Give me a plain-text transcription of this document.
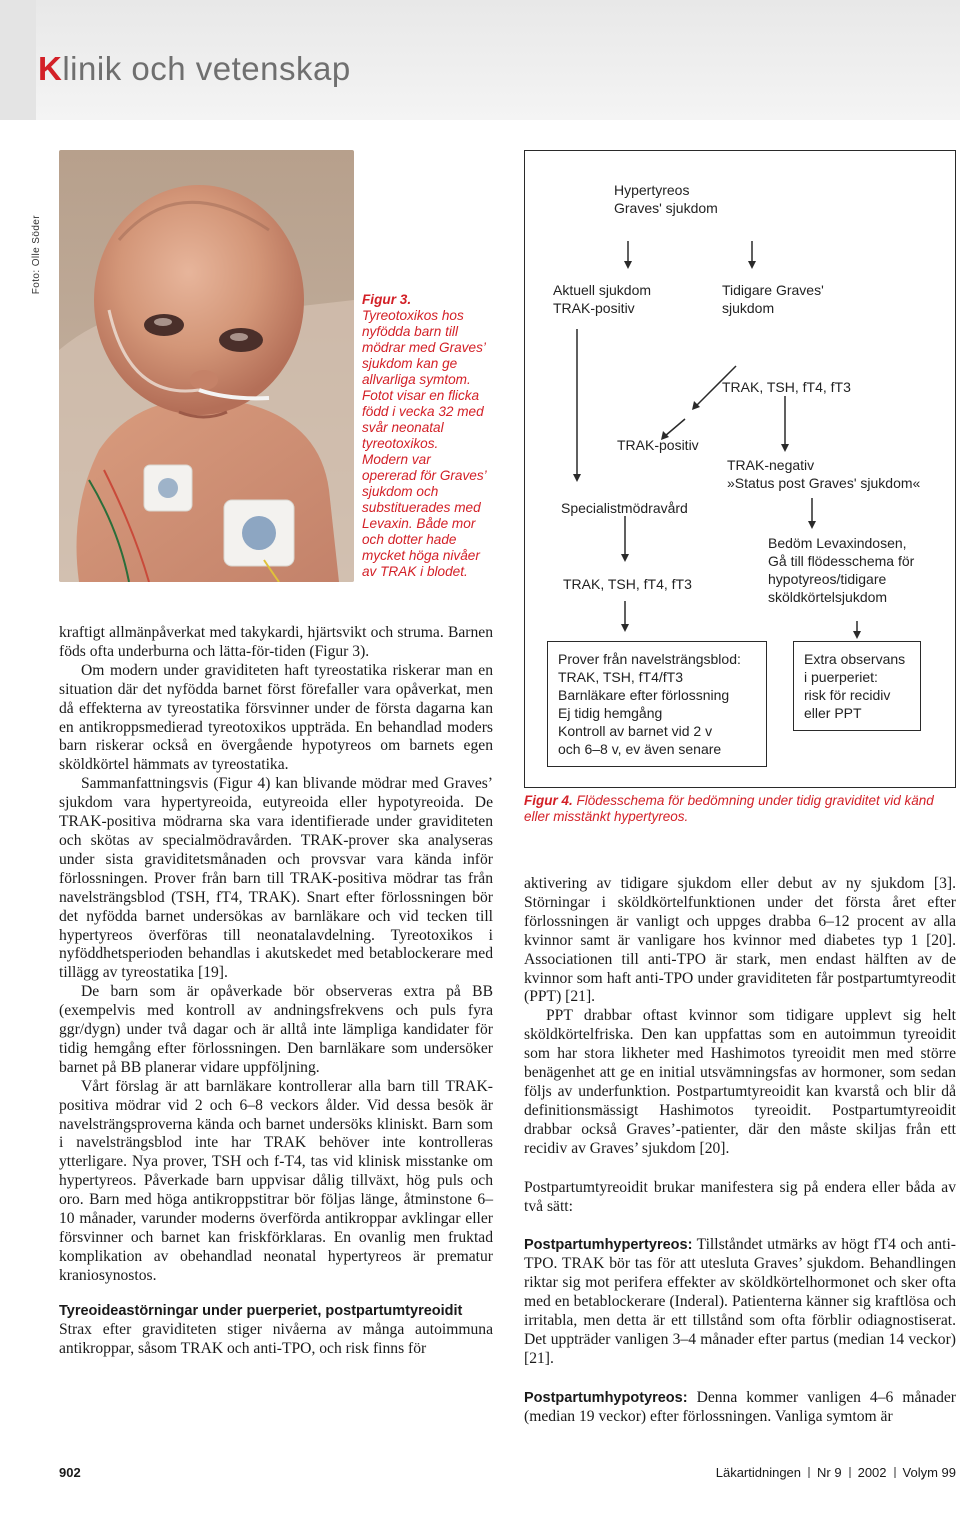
Klinik och vetenskap
Foto: Olle Söder
Figur 3. Tyreotoxikos hos nyfödda barn till mödrar med Graves’ sjukdom kan ge allvarliga symtom. Fotot visar en flicka född i vecka 32 med svår neonatal tyreotoxikos. Modern var opererad för Graves’ sjukdom och substituerades med Levaxin. Både mor och dotter hade mycket höga nivåer av TRAK i blodet.
Hypertyreos
Graves' sjukdom
Aktuell sjukdom
TRAK-positiv
Tidigare Graves'
sjukdom
TRAK, TSH, fT4, fT3
TRAK-positiv
TRAK-negativ
»Status post Graves' sjukdom«
Specialistmödravård
Bedöm Levaxindosen,
Gå till flödesschema för
hypotyreos/tidigare
sköldkörtelsjukdom
TRAK, TSH, fT4, fT3
Prover från navelsträngsblod:
TRAK, TSH, fT4/fT3
Barnläkare efter förlossning
Ej tidig hemgång
Kontroll av barnet vid 2 v
och 6–8 v, ev även senare
Extra observans
i puerperiet:
risk för recidiv
eller PPT
Figur 4. Flödesschema för bedömning under tidig graviditet vid känd eller misstänkt hypertyreos.

kraftigt allmänpåverkat med takykardi, hjärtsvikt och struma. Barnen föds ofta underburna och lätta-för-tiden (Figur 3).

Om modern under graviditeten haft tyreostatika riskerar man en situation där det nyfödda barnet först förefaller vara opåverkat, men då effekterna av tyreostatika försvinner under de första dagarna kan en antikroppsmedierad tyreotoxikos uppträda. En behandlad moders barn riskerar också en övergående hypotyreos om barnets egen sköldkörtel hämmats av tyreostatika.

Sammanfattningsvis (Figur 4) kan blivande mödrar med Graves’ sjukdom vara hypertyreoida, eutyreoida eller hypotyreoida. De TRAK-positiva mödrarna ska vara identifierade under graviditeten och skötas av specialmödravården. TRAK-prover ska analyseras under sista graviditetsmånaden och provsvar vara kända inför förlossningen. Prover från barn till TRAK-positiva mödrar tas från navelsträngsblod (TSH, fT4, TRAK). Snart efter förlossningen bör det nyfödda barnet undersökas av barnläkare och vid tecken till hypertyreos överföras till neonatalavdelning. Tyreotoxikos i nyföddhetsperioden behandlas i akutskedet med betablockerare med tillägg av tyreostatika [19].

De barn som är opåverkade bör observeras extra på BB (exempelvis med kontroll av andningsfrekvens och puls fyra ggr/dygn) under två dagar och är alltå inte lämpliga kandidater för tidig hemgång efter förlossningen. Den barnläkare som undersöker barnet på BB planerar vidare uppföljning.

Vårt förslag är att barnläkare kontrollerar alla barn till TRAK-positiva mödrar vid 2 och 6–8 veckors ålder. Vid dessa besök är navelsträngsproverna kända och barnet undersöks kliniskt. Barn som i navelsträngsblod inte har TRAK behöver inte kontrolleras ytterligare. Nya prover, TSH och f-T4, tas vid klinisk misstanke om hypertyreos. Påverkade barn uppvisar dålig tillväxt, hög puls och oro. Barn med höga antikroppstitrar bör följas länge, åtminstone 6–10 månader, varunder moderns överförda antikroppar avklingar eller försvinner och barnet kan friskförklaras. En ovanlig men fruktad komplikation av obehandlad neonatal hypertyreos är prematur kraniosynostos.

Tyreoideastörningar under puerperiet, postpartumtyreoidit

Strax efter graviditeten stiger nivåerna av många autoimmuna antikroppar, såsom TRAK och anti-TPO, och risk finns för

aktivering av tidigare sjukdom eller debut av ny sjukdom [3]. Störningar i sköldkörtelfunktionen under det första året efter förlossningen är vanligt och uppges drabba 6–12 procent av alla kvinnor samt är vanligare hos kvinnor med diabetes typ 1 [20]. Associationen till anti-TPO är stark, men endast hälften av de kvinnor som haft anti-TPO under graviditeten får postpartumtyreodit (PPT) [21].

PPT drabbar oftast kvinnor som tidigare upplevt sig helt sköldkörtelfriska. Den kan uppfattas som en autoimmun tyreoidit som har stora likheter med Hashimotos tyreoidit men med större benägenhet att ge en initial utsvämningsfas av hormoner, som sedan följs av underfunktion. Postpartumtyreoidit kan kvarstå och blir då definitionsmässigt Hashimotos tyreoidit. Postpartumtyreoidit drabbar också Graves’-patienter, där den måste skiljas från ett recidiv av Graves’ sjukdom [20].

Postpartumtyreoidit brukar manifestera sig på endera eller båda av två sätt:

Postpartumhypertyreos: Tillståndet utmärks av högt fT4 och anti-TPO. TRAK bör tas för att utesluta Graves’ sjukdom. Behandlingen riktar sig mot perifera effekter av sköldkörtelhormonet och sker ofta med en betablockerare (Inderal). Patienterna känner sig kraftlösa och irritabla, men detta är ett tillstånd som ofta förblir odiagnostiserat. Det uppträder vanligen 3–4 månader efter partus (median 14 veckor) [21].

Postpartumhypotyreos: Denna kommer vanligen 4–6 månader (median 19 veckor) efter förlossningen. Vanliga symtom är

902	Läkartidningen Nr 9 2002 Volym 99
